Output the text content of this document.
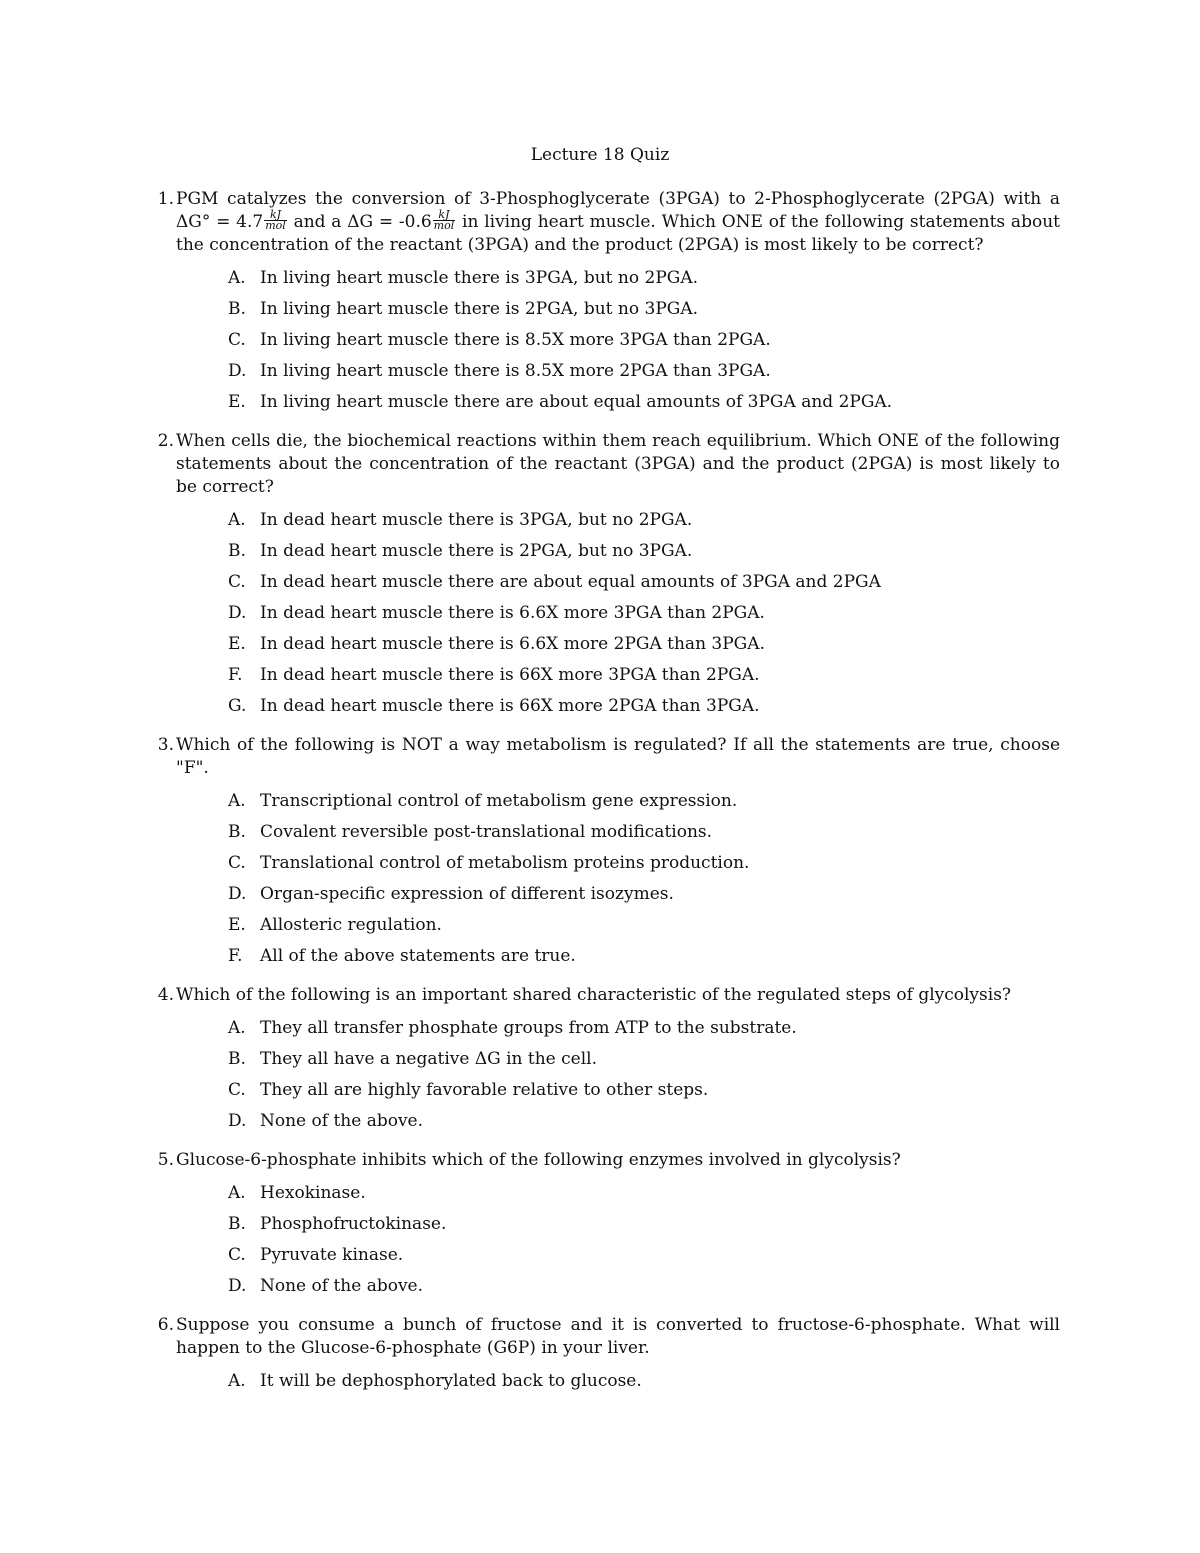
Lecture 18 Quiz
1. PGM catalyzes the conversion of 3-Phosphoglycerate (3PGA) to 2-Phosphoglycerate (2PGA) with a $\Delta G^\circ = 4.7 \frac{kJ}{\text{mol}}$ and a $\Delta G = -0.6 \frac{kJ}{\text{mol}}$ in living heart muscle. Which ONE of the following statements about the concentration of the reactant (3PGA) and the product (2PGA) is most likely to be correct?

A. In living heart muscle there is 3PGA, but no 2PGA.
B. In living heart muscle there is 2PGA, but no 3PGA.
C. In living heart muscle there is 8.5X more 3PGA than 2PGA.
D. In living heart muscle there is 8.5X more 2PGA than 3PGA.
E. In living heart muscle there are about equal amounts of 3PGA and 2PGA.
2. When cells die, the biochemical reactions within them reach equilibrium. Which ONE of the following statements about the concentration of the reactant (3PGA) and the product (2PGA) is most likely to be correct?

A. In dead heart muscle there is 3PGA, but no 2PGA.
B. In dead heart muscle there is 2PGA, but no 3PGA.
C. In dead heart muscle there are about equal amounts of 3PGA and 2PGA
D. In dead heart muscle there is 6.6X more 3PGA than 2PGA.
E. In dead heart muscle there is 6.6X more 2PGA than 3PGA.
F. In dead heart muscle there is 66X more 3PGA than 2PGA.
G. In dead heart muscle there is 66X more 2PGA than 3PGA.
3. Which of the following is NOT a way metabolism is regulated? If all the statements are true, choose "F".

A. Transcriptional control of metabolism gene expression.
B. Covalent reversible post-translational modifications.
C. Translational control of metabolism proteins production.
D. Organ-specific expression of different isozymes.
E. Allosteric regulation.
F. All of the above statements are true.
4. Which of the following is an important shared characteristic of the regulated steps of glycolysis?

A. They all transfer phosphate groups from ATP to the substrate.
B. They all have a negative ΔG in the cell.
C. They all are highly favorable relative to other steps.
D. None of the above.
5. Glucose-6-phosphate inhibits which of the following enzymes involved in glycolysis?

A. Hexokinase.
B. Phosphofructokinase.
C. Pyruvate kinase.
D. None of the above.
6. Suppose you consume a bunch of fructose and it is converted to fructose-6-phosphate. What will happen to the Glucose-6-phosphate (G6P) in your liver.

A. It will be dephosphorylated back to glucose.
